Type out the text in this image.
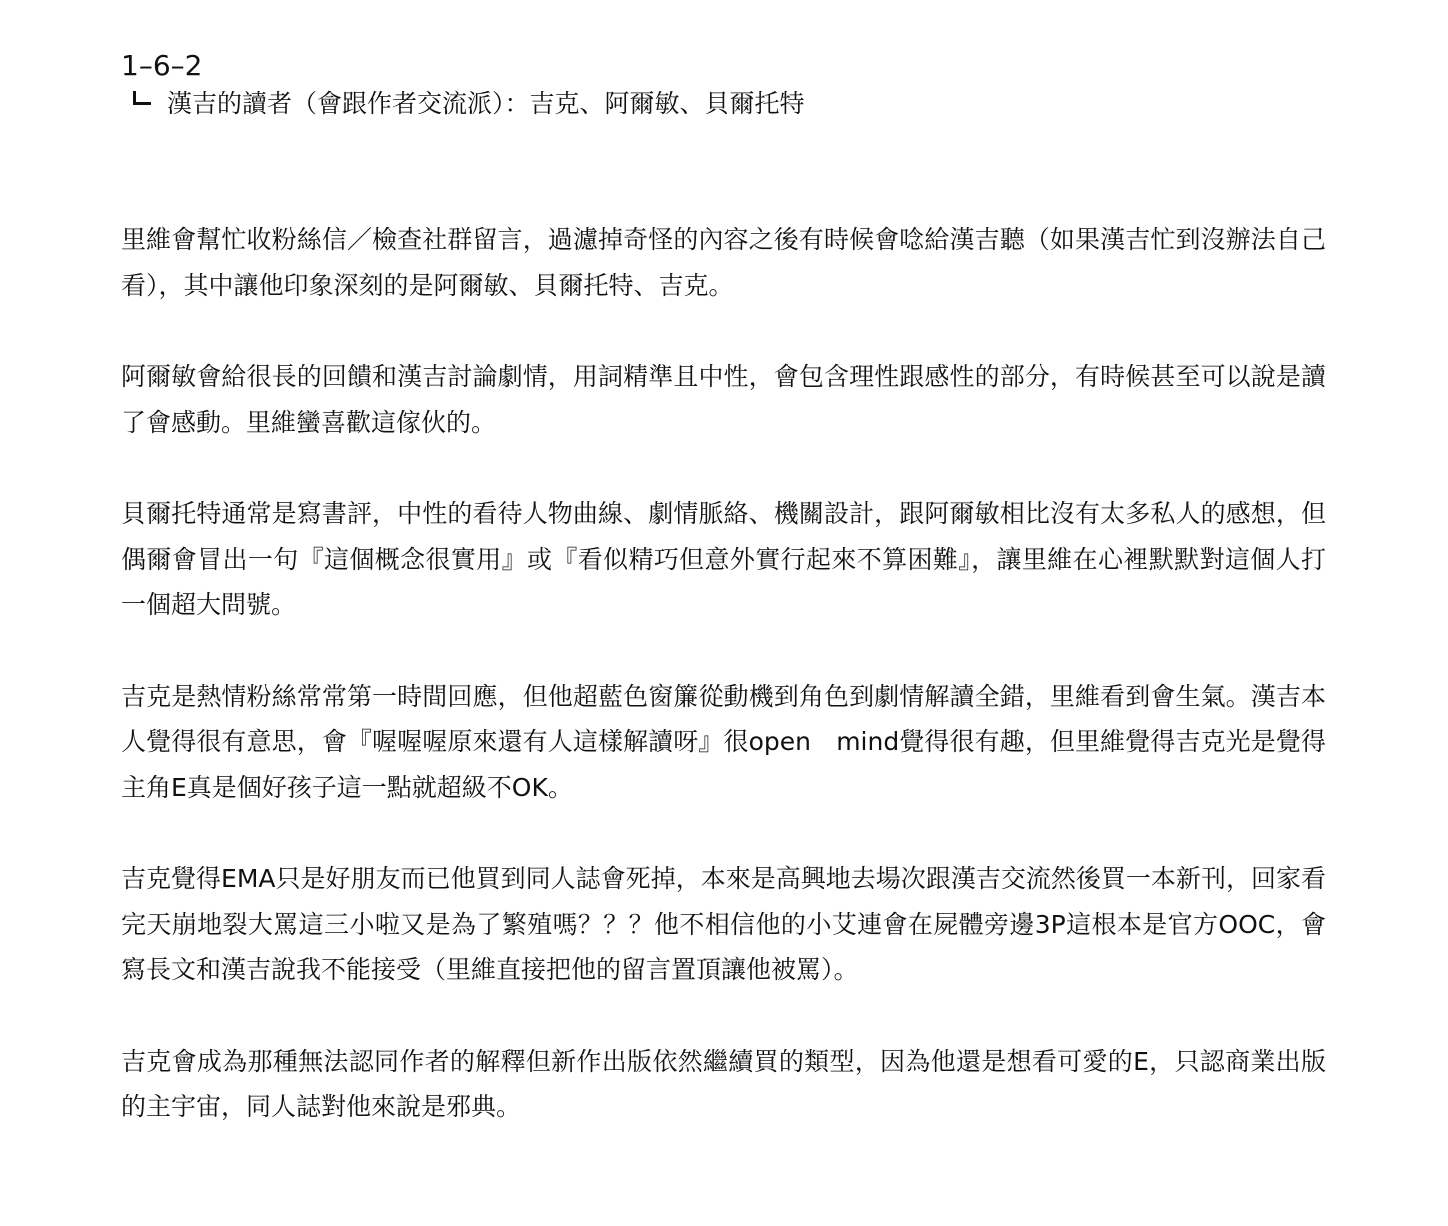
1–6–2
漢吉的讀者（會跟作者交流派）：吉克、阿爾敏、貝爾托特

里維會幫忙收粉絲信／檢查社群留言，過濾掉奇怪的內容之後有時候會唸給漢吉聽（如果漢吉忙到沒辦法自己看），其中讓他印象深刻的是阿爾敏、貝爾托特、吉克。

阿爾敏會給很長的回饋和漢吉討論劇情，用詞精準且中性，會包含理性跟感性的部分，有時候甚至可以說是讀了會感動。里維蠻喜歡這傢伙的。

貝爾托特通常是寫書評，中性的看待人物曲線、劇情脈絡、機關設計，跟阿爾敏相比沒有太多私人的感想，但偶爾會冒出一句『這個概念很實用』或『看似精巧但意外實行起來不算困難』，讓里維在心裡默默對這個人打一個超大問號。

吉克是熱情粉絲常常第一時間回應，但他超藍色窗簾從動機到角色到劇情解讀全錯，里維看到會生氣。漢吉本人覺得很有意思，會『喔喔喔原來還有人這樣解讀呀』很open　mind覺得很有趣，但里維覺得吉克光是覺得主角E真是個好孩子這一點就超級不OK。

吉克覺得EMA只是好朋友而已他買到同人誌會死掉，本來是高興地去場次跟漢吉交流然後買一本新刊，回家看完天崩地裂大罵這三小啦又是為了繁殖嗎？？？他不相信他的小艾連會在屍體旁邊3P這根本是官方OOC，會寫長文和漢吉說我不能接受（里維直接把他的留言置頂讓他被罵）。

吉克會成為那種無法認同作者的解釋但新作出版依然繼續買的類型，因為他還是想看可愛的E，只認商業出版的主宇宙，同人誌對他來說是邪典。
